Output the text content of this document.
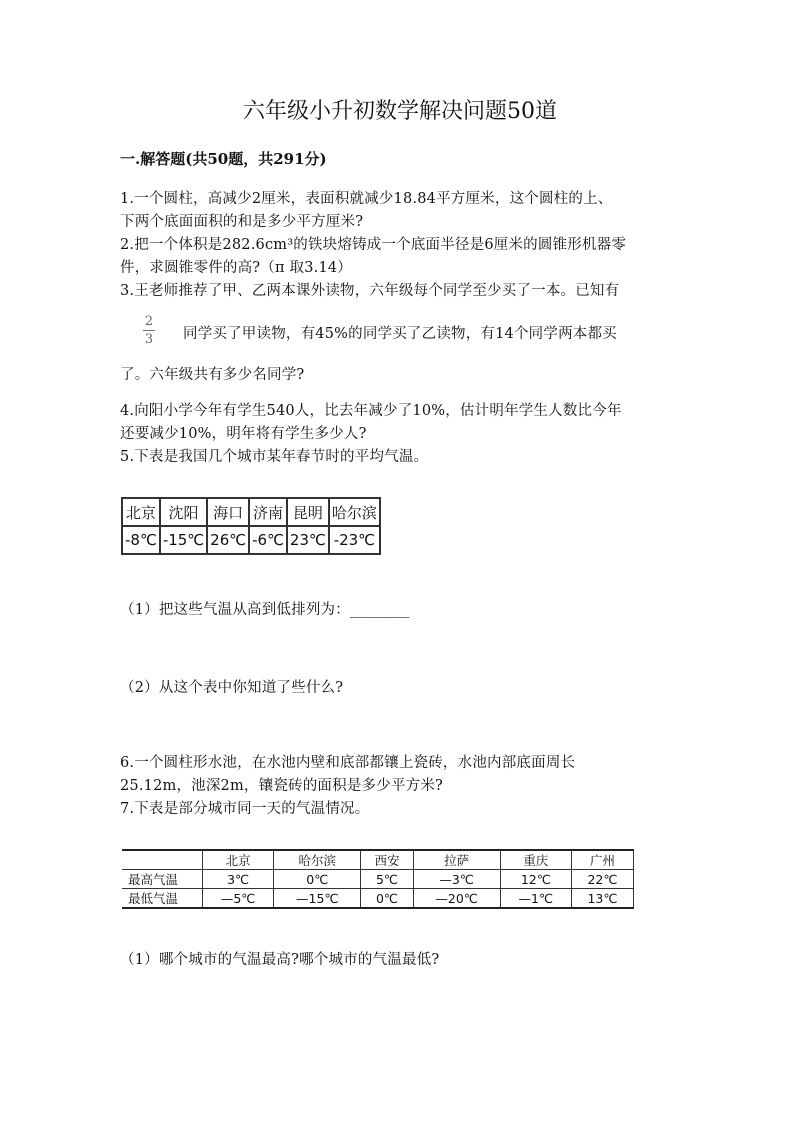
六年级小升初数学解决问题50道
一.解答题(共50题，共291分)
1.一个圆柱，高减少2厘米，表面积就减少18.84平方厘米，这个圆柱的上、
下两个底面面积的和是多少平方厘米?
2.把一个体积是282.6cm³的铁块熔铸成一个底面半径是6厘米的圆锥形机器零
件，求圆锥零件的高?（π 取3.14）
3.王老师推荐了甲、乙两本课外读物，六年级每个同学至少买了一本。已知有
2
3 同学买了甲读物，有45%的同学买了乙读物，有14个同学两本都买
了。六年级共有多少名同学?
4.向阳小学今年有学生540人，比去年减少了10%，估计明年学生人数比今年
还要减少10%，明年将有学生多少人?
5.下表是我国几个城市某年春节时的平均气温。
北京	沈阳	海口	济南	昆明	哈尔滨
-8℃	-15℃	26℃	-6℃	23℃	-23℃
（1）把这些气温从高到低排列为：________
（2）从这个表中你知道了些什么?
6.一个圆柱形水池，在水池内壁和底部都镶上瓷砖，水池内部底面周长
25.12m，池深2m，镶瓷砖的面积是多少平方米?
7.下表是部分城市同一天的气温情况。
	北京	哈尔滨	西安	拉萨	重庆	广州
最高气温	3℃	0℃	5℃	—3℃	12℃	22℃
最低气温	—5℃	—15℃	0℃	—20℃	—1℃	13℃
（1）哪个城市的气温最高?哪个城市的气温最低?
